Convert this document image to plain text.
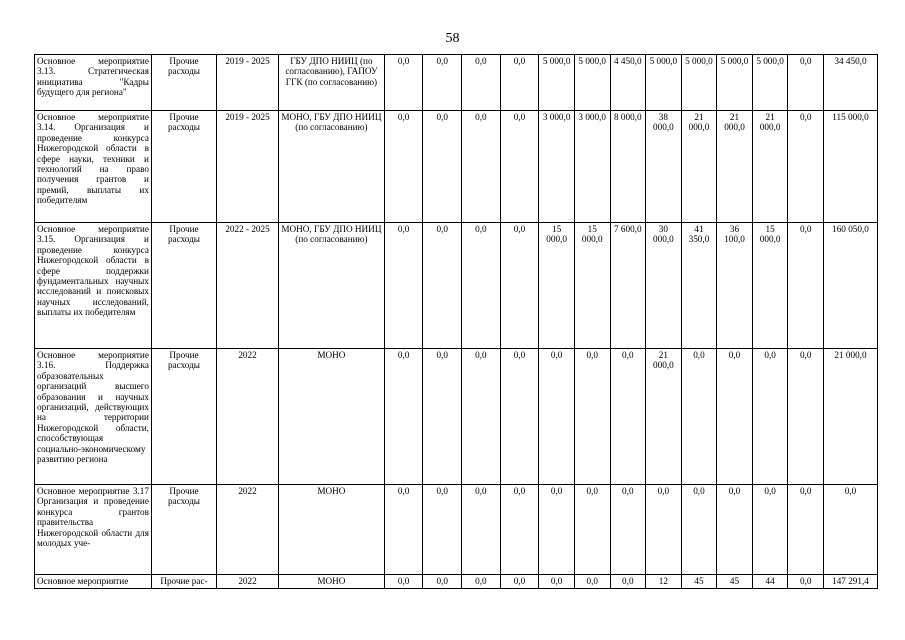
58
Основное мероприятие 3.13. Стратегическая инициатива "Кадры будущего для региона"	Прочие расходы	2019 - 2025	ГБУ ДПО НИИЦ (по согласованию), ГАПОУ ГГК (по согласованию)	0,0	0,0	0,0	0,0	5 000,0	5 000,0	4 450,0	5 000,0	5 000,0	5 000,0	5 000,0	0,0	34 450,0
Основное мероприятие 3.14. Организация и проведение конкурса Нижегородской области в сфере науки, техники и технологий на право получения грантов и премий, выплаты их победителям	Прочие расходы	2019 - 2025	МОНО, ГБУ ДПО НИИЦ (по согласованию)	0,0	0,0	0,0	0,0	3 000,0	3 000,0	8 000,0	38 000,0	21 000,0	21 000,0	21 000,0	0,0	115 000,0
Основное мероприятие 3.15. Организация и проведение конкурса Нижегородской области в сфере поддержки фундаментальных научных исследований и поисковых научных исследований, выплаты их победителям	Прочие расходы	2022 - 2025	МОНО, ГБУ ДПО НИИЦ (по согласованию)	0,0	0,0	0,0	0,0	15 000,0	15 000,0	7 600,0	30 000,0	41 350,0	36 100,0	15 000,0	0,0	160 050,0
Основное мероприятие 3.16. Поддержка образовательных организаций высшего образования и научных организаций, действующих на территории Нижегородской области, способствующая социально-экономическому развитию региона	Прочие расходы	2022	МОНО	0,0	0,0	0,0	0,0	0,0	0,0	0,0	21 000,0	0,0	0,0	0,0	0,0	21 000,0
Основное мероприятие 3.17 Организация и проведение конкурса грантов правительства Нижегородской области для молодых уче-	Прочие расходы	2022	МОНО	0,0	0,0	0,0	0,0	0,0	0,0	0,0	0,0	0,0	0,0	0,0	0,0	0,0
Основное мероприятие	Прочие рас-	2022	МОНО	0,0	0,0	0,0	0,0	0,0	0,0	0,0	12	45	45	44	0,0	147 291,4
